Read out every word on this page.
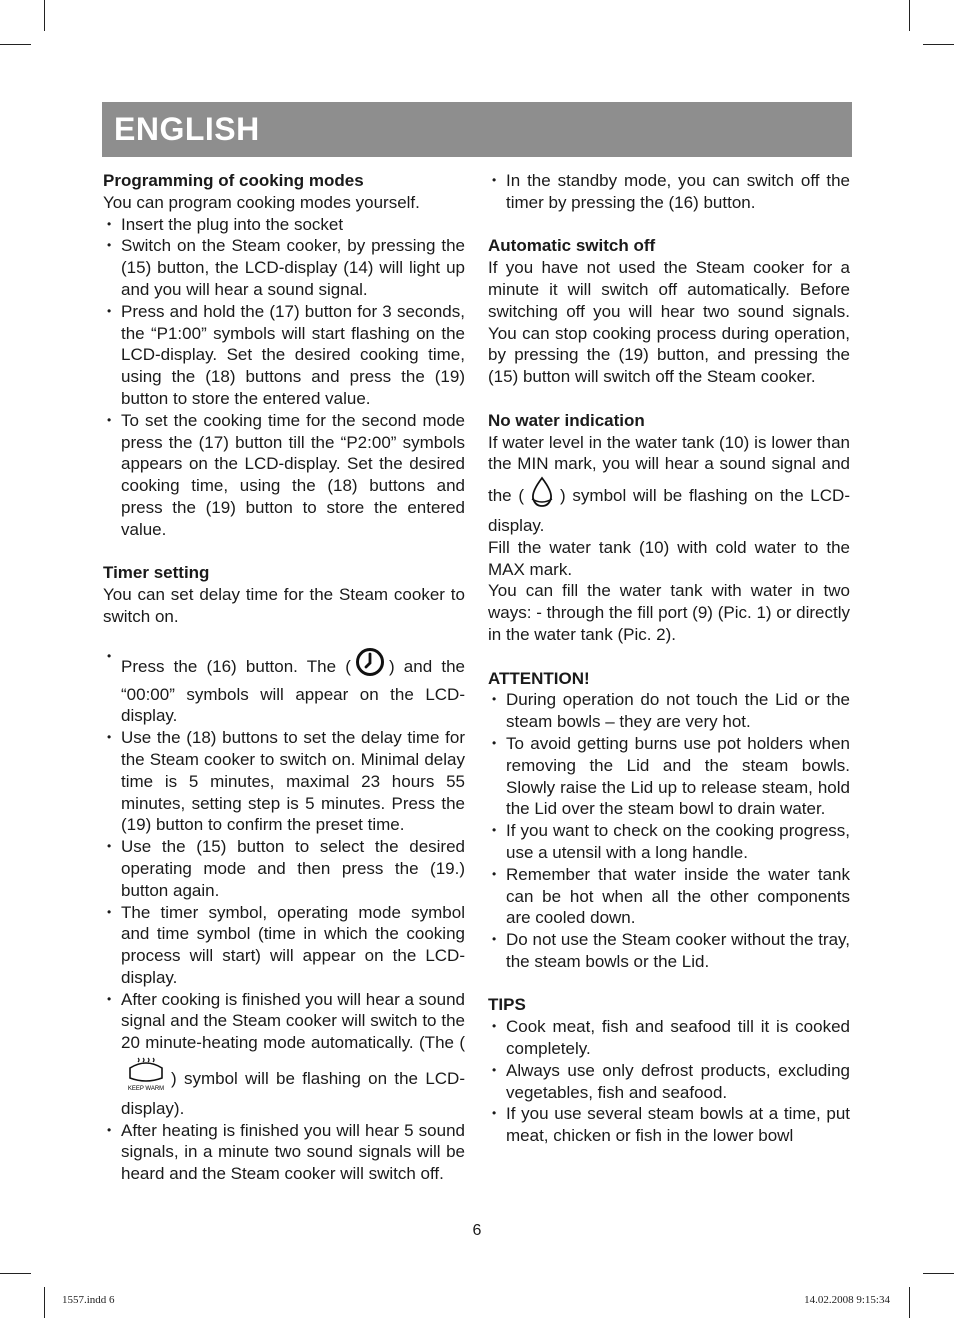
ENGLISH
Programming of cooking modes

You can program cooking modes yourself.

• Insert the plug into the socket
• Switch on the Steam cooker, by pressing the (15) button, the LCD-display (14) will light up and you will hear a sound signal.
• Press and hold the (17) button for 3 seconds, the “P1:00” symbols will start flashing on the LCD-display. Set the desired cooking time, using the (18) buttons and press the (19) button to store the entered value.
• To set the cooking time for the second mode press the (17) button till the “P2:00” symbols appears on the LCD-display. Set the desired cooking time, using the (18) buttons and press the (19) button to store the entered value.
Timer setting

You can set delay time for the Steam cooker to switch on.

• Press the (16) button. The ( ) and the “00:00” symbols will appear on the LCD-display.
• Use the (18) buttons to set the delay time for the Steam cooker to switch on. Minimal delay time is 5 minutes, maximal 23 hours 55 minutes, setting step is 5 minutes. Press the (19) button to confirm the preset time.
• Use the (15) button to select the desired operating mode and then press the (19.) button again.
• The timer symbol, operating mode symbol and time symbol (time in which the cooking process will start) will appear on the LCD-display.
• After cooking is finished you will hear a sound signal and the Steam cooker will switch to the 20 minute-heating mode automatically. (The (
KEEP WARM
) symbol will be flashing on the LCD-display).
• After heating is finished you will hear 5 sound signals, in a minute two sound signals will be heard and the Steam cooker will switch off.
• In the standby mode, you can switch off the timer by pressing the (16) button.
Automatic switch off

If you have not used the Steam cooker for a minute it will switch off automatically. Before switching off you will hear two sound signals. You can stop cooking process during operation, by pressing the (19) button, and pressing the (15) button will switch off the Steam cooker.

No water indication

If water level in the water tank (10) is lower than the MIN mark, you will hear a sound signal and the ( ) symbol will be flashing on the LCD-display.

Fill the water tank (10) with cold water to the MAX mark.

You can fill the water tank with water in two ways: - through the fill port (9) (Pic. 1) or directly in the water tank (Pic. 2).

ATTENTION!
• During operation do not touch the Lid or the steam bowls – they are very hot.
• To avoid getting burns use pot holders when removing the Lid and the steam bowls. Slowly raise the Lid up to release steam, hold the Lid over the steam bowl to drain water.
• If you want to check on the cooking progress, use a utensil with a long handle.
• Remember that water inside the water tank can be hot when all the other components are cooled down.
• Do not use the Steam cooker without the tray, the steam bowls or the Lid.
TIPS
• Cook meat, fish and seafood till it is cooked completely.
• Always use only defrost products, excluding vegetables, fish and seafood.
• If you use several steam bowls at a time, put meat, chicken or fish in the lower bowl
6
1557.indd 6	14.02.2008 9:15:34
